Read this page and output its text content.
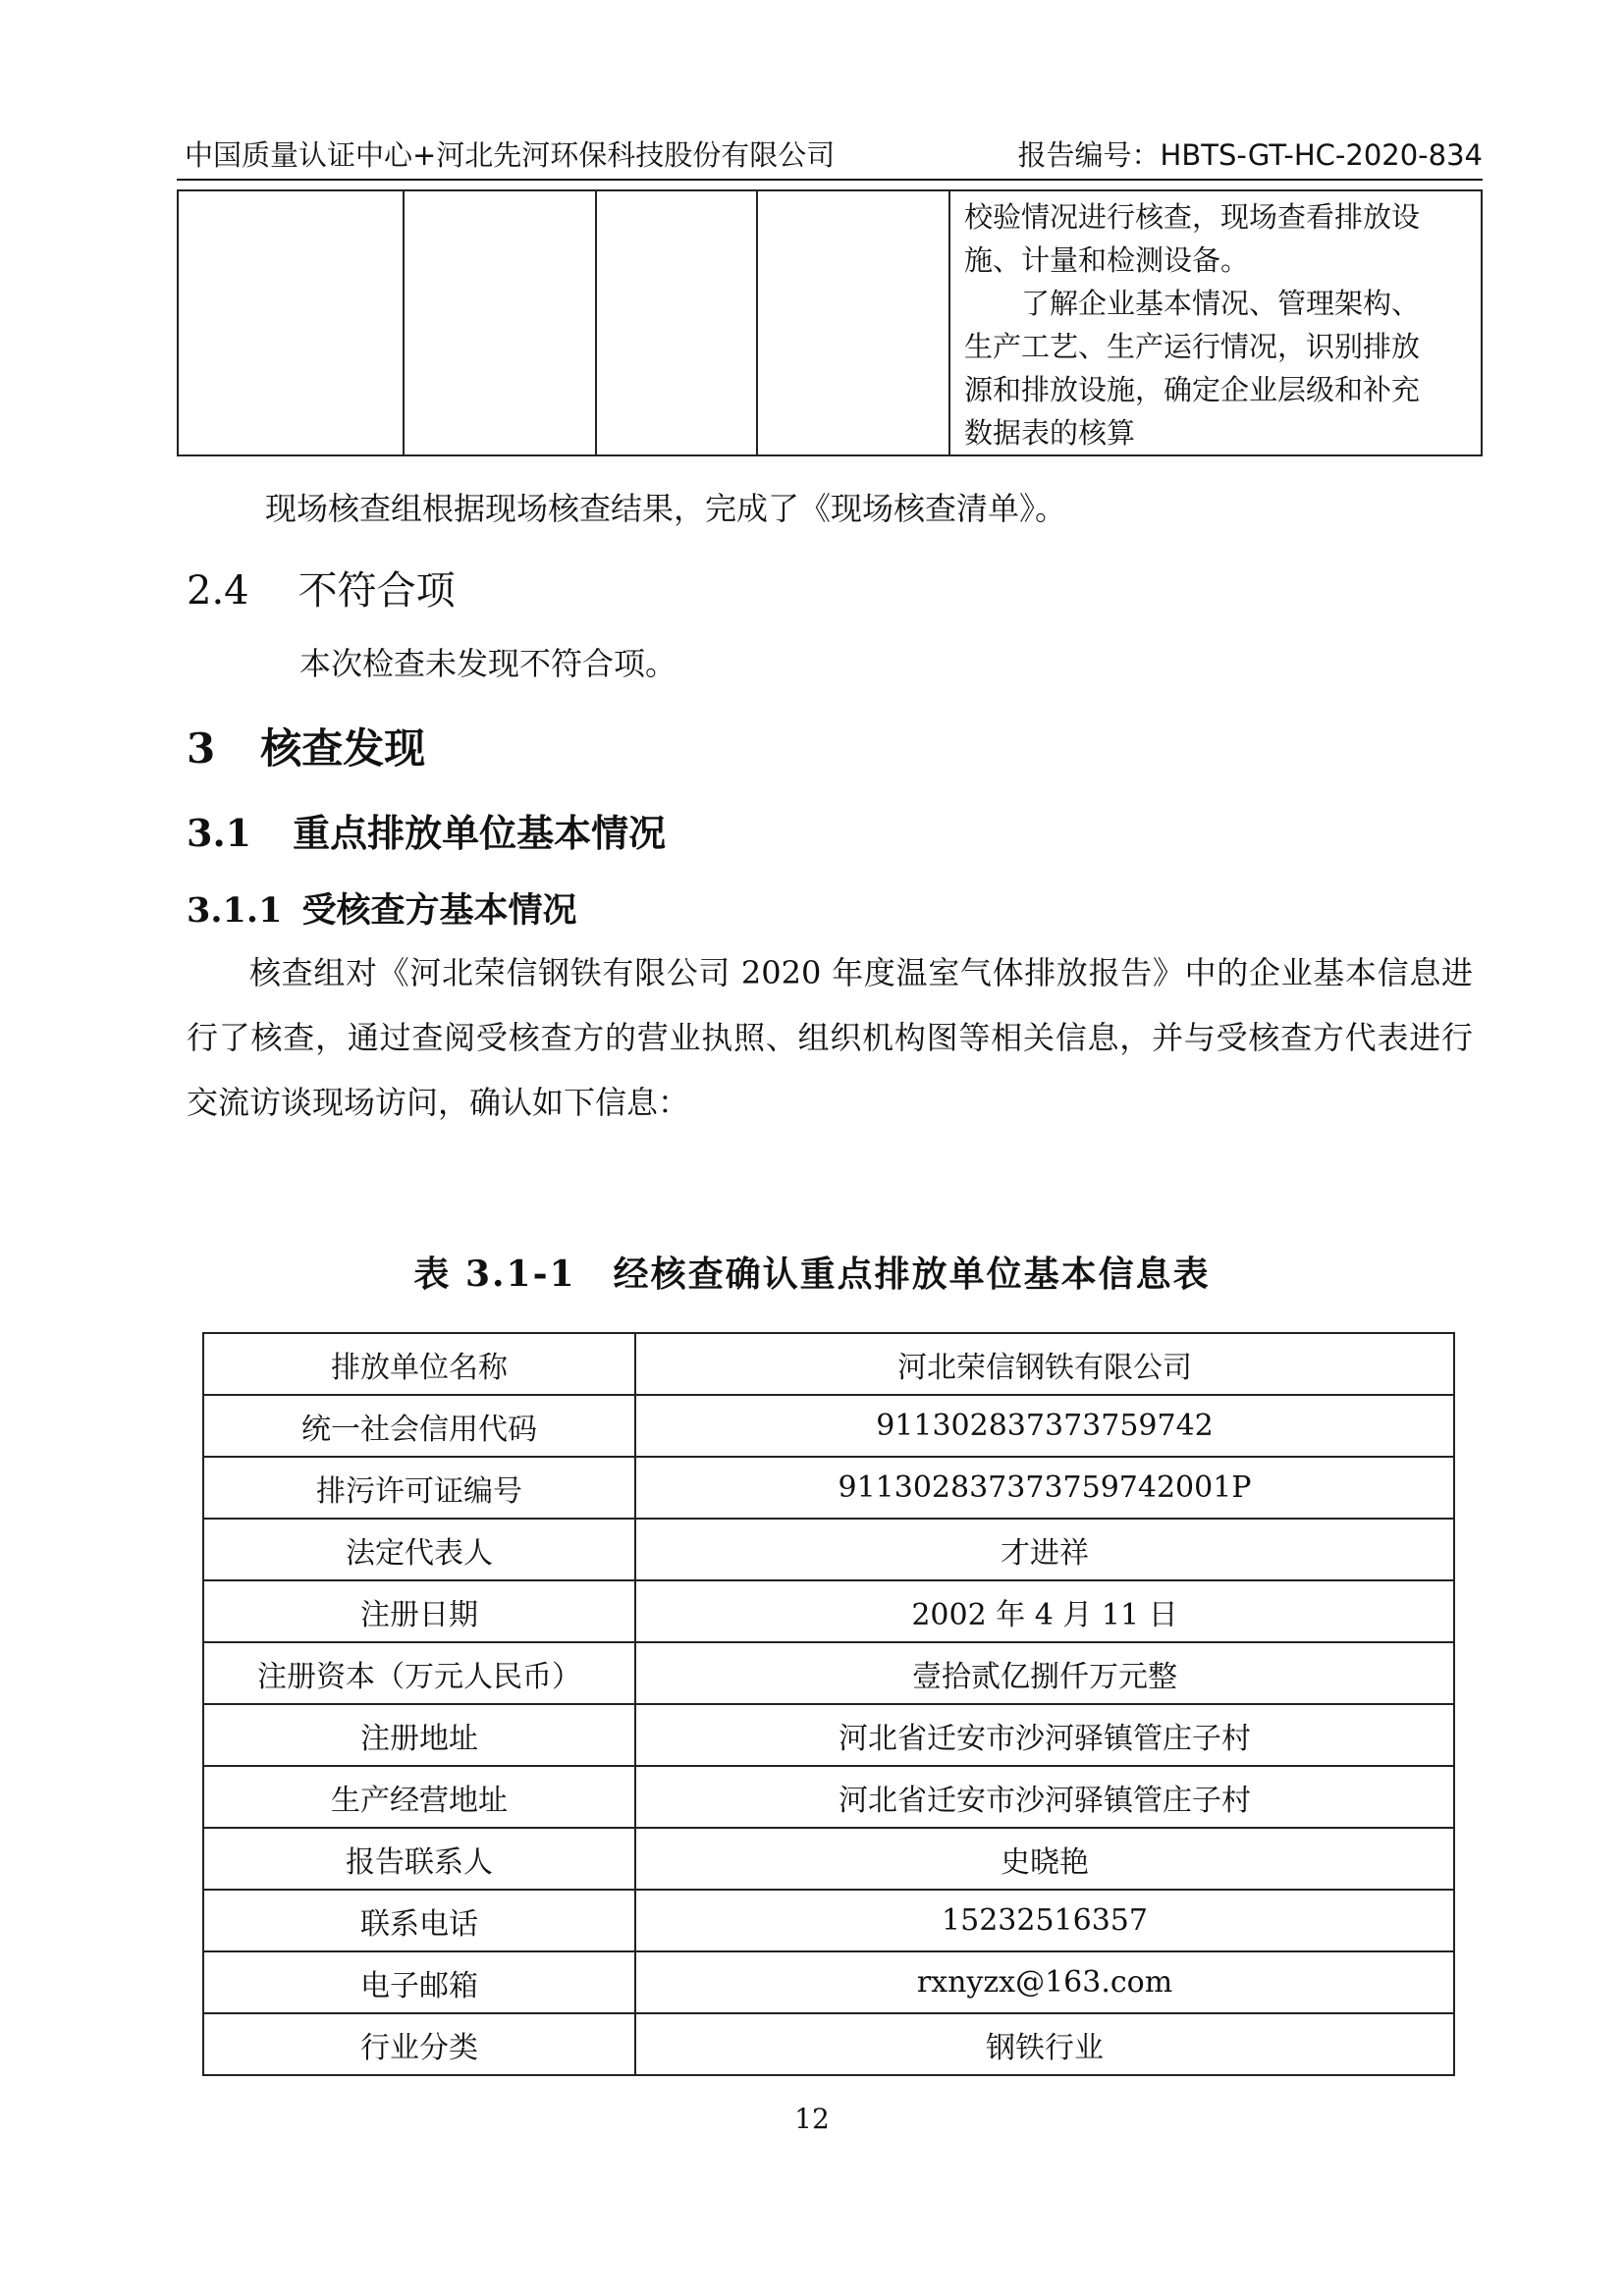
中国质量认证中心+河北先河环保科技股份有限公司	报告编号：HBTS-GT-HC-2020-834

校验情况进行核查，现场查看排放设

施、计量和检测设备。

了解企业基本情况、管理架构、

生产工艺、生产运行情况，识别排放

源和排放设施，确定企业层级和补充

数据表的核算

现场核查组根据现场核查结果，完成了《现场核查清单》。
2.4 不符合项
本次检查未发现不符合项。
3 核查发现
3.1 重点排放单位基本情况
3.1.1 受核查方基本情况

核查组对《河北荣信钢铁有限公司 2020 年度温室气体排放报告》中的企业基本信息进行了核查，通过查阅受核查方的营业执照、组织机构图等相关信息，并与受核查方代表进行交流访谈现场访问，确认如下信息：

表 3.1-1　经核查确认重点排放单位基本信息表
排放单位名称	河北荣信钢铁有限公司
统一社会信用代码	911302837373759742
排污许可证编号	911302837373759742001P
法定代表人	才进祥
注册日期	2002 年 4 月 11 日
注册资本（万元人民币）	壹拾贰亿捌仟万元整
注册地址	河北省迁安市沙河驿镇管庄子村
生产经营地址	河北省迁安市沙河驿镇管庄子村
报告联系人	史晓艳
联系电话	15232516357
电子邮箱	rxnyzx@163.com
行业分类	钢铁行业
12
